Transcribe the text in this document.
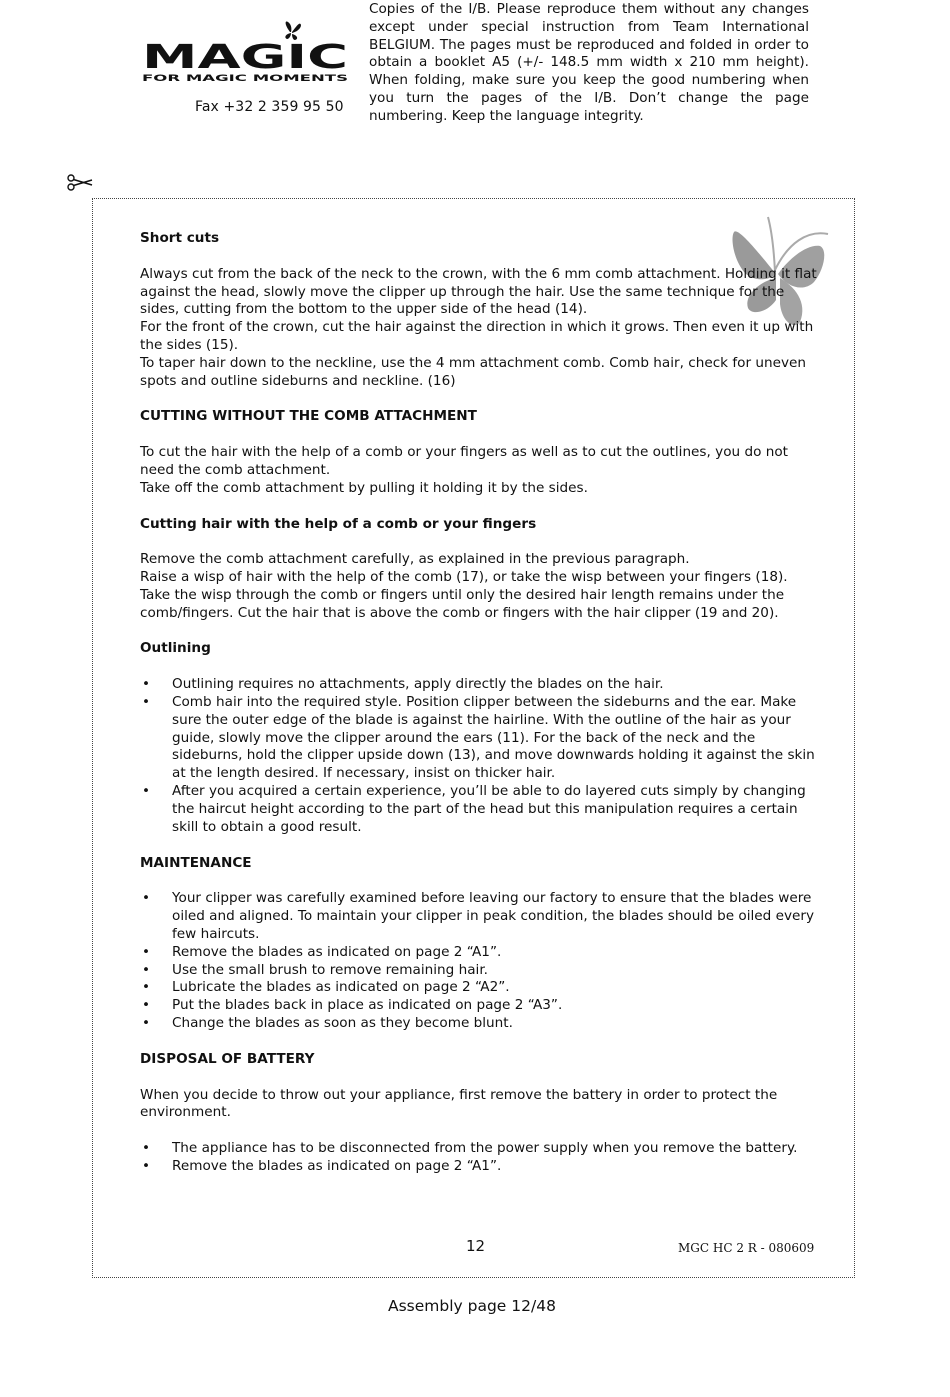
MAGIC
FOR MAGIC MOMENTS
Fax +32 2 359 95 50
Copies of the I/B. Please reproduce them without any changes except under special instruction from Team International BELGIUM. The pages must be reproduced and folded in order to obtain a booklet A5 (+/- 148.5 mm width x 210 mm height). When folding, make sure you keep the good numbering when you turn the pages of the I/B. Don’t change the page numbering. Keep the language integrity.
Short cuts

Always cut from the back of the neck to the crown, with the 6 mm comb attachment. Holding it flat against the head, slowly move the clipper up through the hair. Use the same technique for the sides, cutting from the bottom to the upper side of the head (14).
For the front of the crown, cut the hair against the direction in which it grows. Then even it up with the sides (15).
To taper hair down to the neckline, use the 4 mm attachment comb. Comb hair, check for uneven spots and outline sideburns and neckline. (16)

CUTTING WITHOUT THE COMB ATTACHMENT

To cut the hair with the help of a comb or your fingers as well as to cut the outlines, you do not need the comb attachment.
Take off the comb attachment by pulling it holding it by the sides.

Cutting hair with the help of a comb or your fingers

Remove the comb attachment carefully, as explained in the previous paragraph.
Raise a wisp of hair with the help of the comb (17), or take the wisp between your fingers (18). Take the wisp through the comb or fingers until only the desired hair length remains under the comb/fingers. Cut the hair that is above the comb or fingers with the hair clipper (19 and 20).

Outlining
• Outlining requires no attachments, apply directly the blades on the hair.
• Comb hair into the required style. Position clipper between the sideburns and the ear. Make sure the outer edge of the blade is against the hairline. With the outline of the hair as your guide, slowly move the clipper around the ears (11). For the back of the neck and the sideburns, hold the clipper upside down (13), and move downwards holding it against the skin at the length desired. If necessary, insist on thicker hair.
• After you acquired a certain experience, you’ll be able to do layered cuts simply by changing the haircut height according to the part of the head but this manipulation requires a certain skill to obtain a good result.
MAINTENANCE
• Your clipper was carefully examined before leaving our factory to ensure that the blades were oiled and aligned. To maintain your clipper in peak condition, the blades should be oiled every few haircuts.
• Remove the blades as indicated on page 2 “A1”.
• Use the small brush to remove remaining hair.
• Lubricate the blades as indicated on page 2 “A2”.
• Put the blades back in place as indicated on page 2 “A3”.
• Change the blades as soon as they become blunt.
DISPOSAL OF BATTERY

When you decide to throw out your appliance, first remove the battery in order to protect the environment.

• The appliance has to be disconnected from the power supply when you remove the battery.
• Remove the blades as indicated on page 2 “A1”.
12	MGC HC 2 R - 080609
Assembly page 12/48
